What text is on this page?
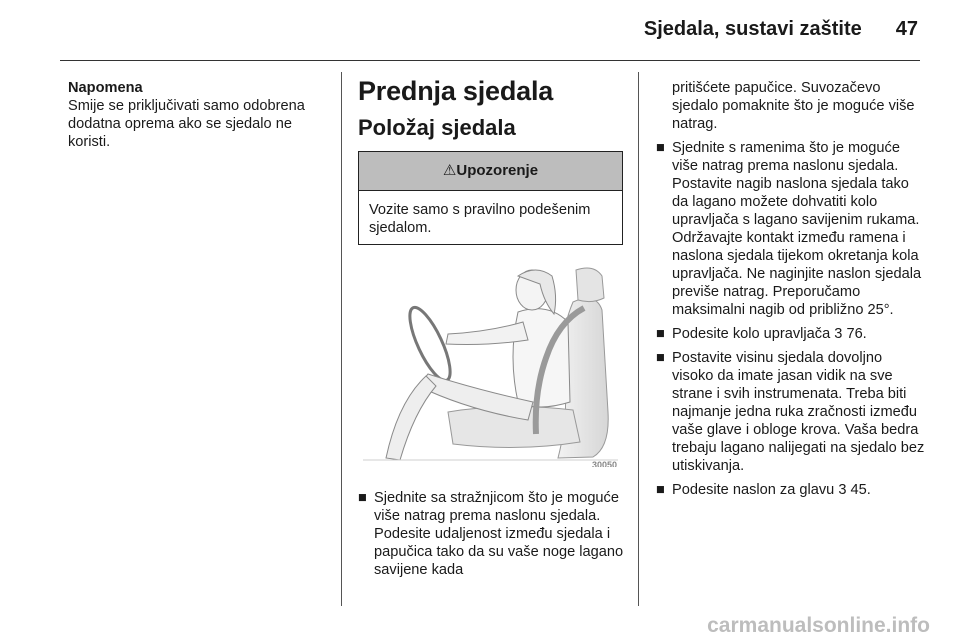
Sjedala, sustavi zaštite 47
Napomena
Smije se priključivati samo odobrena dodatna oprema ako se sjedalo ne koristi.
Prednja sjedala
Položaj sjedala
⚠Upozorenje
Vozite samo s pravilno podešenim sjedalom.
30050
■ Sjednite sa stražnjicom što je moguće više natrag prema naslonu sjedala. Podesite udaljenost između sjedala i papučica tako da su vaše noge lagano savijene kada
pritišćete papučice. Suvozačevo sjedalo pomaknite što je moguće više natrag.
■ Sjednite s ramenima što je moguće više natrag prema naslonu sjedala. Postavite nagib naslona sjedala tako da lagano možete dohvatiti kolo upravljača s lagano savijenim rukama. Održavajte kontakt između ramena i naslona sjedala tijekom okretanja kola upravljača. Ne naginjite naslon sjedala previše natrag. Preporučamo maksimalni nagib od približno 25°.
■ Podesite kolo upravljača 3 76.
■ Postavite visinu sjedala dovoljno visoko da imate jasan vidik na sve strane i svih instrumenata. Treba biti najmanje jedna ruka zračnosti između vaše glave i obloge krova. Vaša bedra trebaju lagano nalijegati na sjedalo bez utiskivanja.
■ Podesite naslon za glavu 3 45.
carmanualsonline.info
